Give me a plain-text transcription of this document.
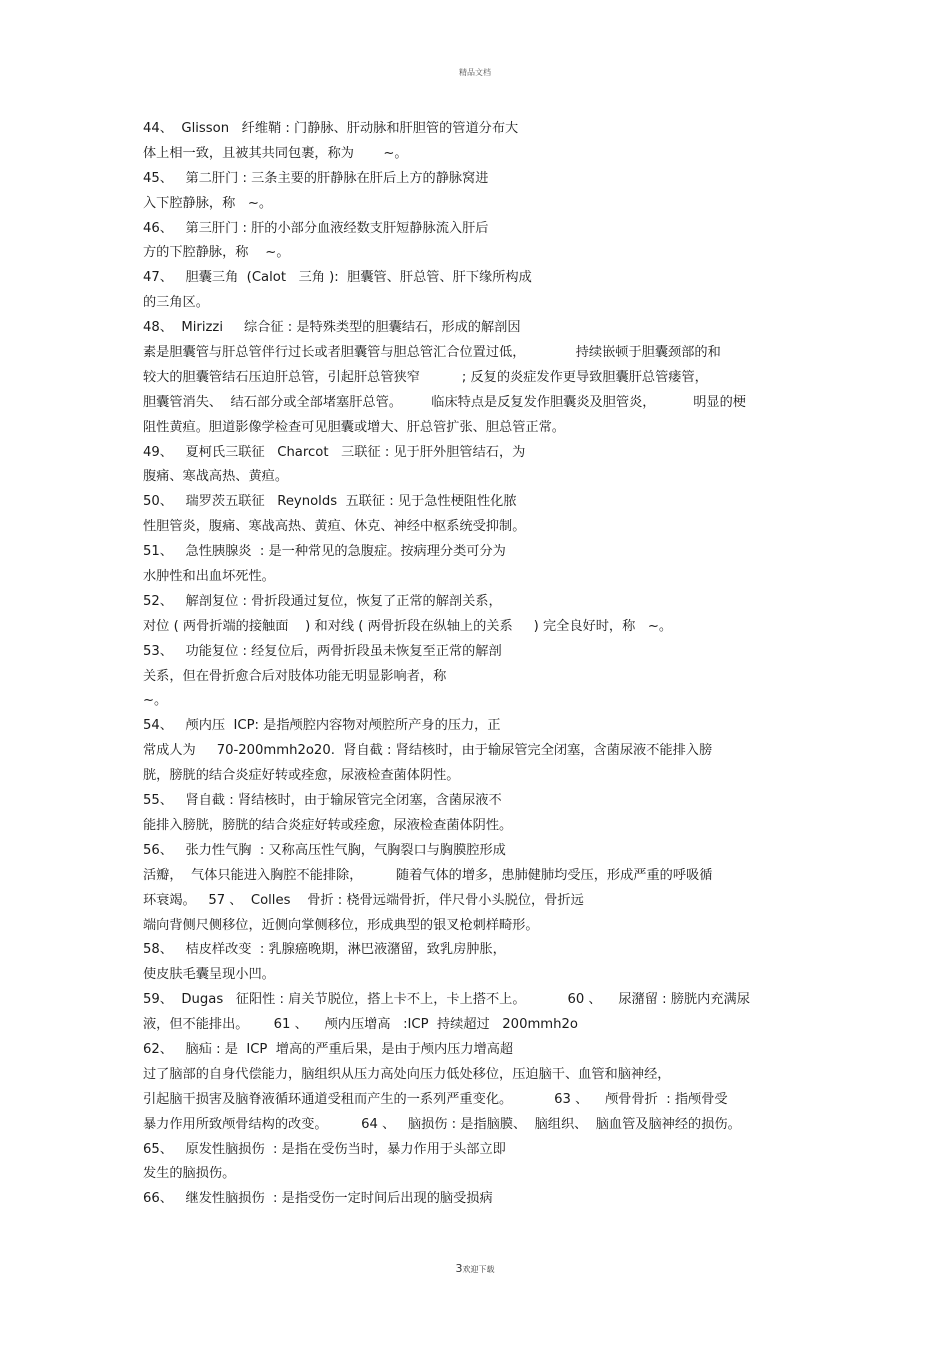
精品文档
44、  Glisson   纤维鞘 : 门静脉、肝动脉和肝胆管的管道分布大
体上相一致，且被其共同包裹，称为       ~。
45、   第二肝门 : 三条主要的肝静脉在肝后上方的静脉窝进
入下腔静脉，称   ~。
46、   第三肝门 : 肝的小部分血液经数支肝短静脉流入肝后
方的下腔静脉，称    ~。
47、   胆囊三角  (Calot   三角 ):  胆囊管、肝总管、肝下缘所构成
的三角区。
48、  Mirizzi     综合征 : 是特殊类型的胆囊结石，形成的解剖因
素是胆囊管与肝总管伴行过长或者胆囊管与胆总管汇合位置过低，            持续嵌顿于胆囊颈部的和
较大的胆囊管结石压迫肝总管，引起肝总管狭窄          ; 反复的炎症发作更导致胆囊肝总管瘘管，
胆囊管消失、  结石部分或全部堵塞肝总管。       临床特点是反复发作胆囊炎及胆管炎，         明显的梗
阻性黄疸。胆道影像学检查可见胆囊或增大、肝总管扩张、胆总管正常。
49、   夏柯氏三联征   Charcot   三联征 : 见于肝外胆管结石，为
腹痛、寒战高热、黄疸。
50、   瑞罗茨五联征   Reynolds  五联征 : 见于急性梗阻性化脓
性胆管炎，腹痛、寒战高热、黄疸、休克、神经中枢系统受抑制。
51、   急性胰腺炎  : 是一种常见的急腹症。按病理分类可分为
水肿性和出血坏死性。
52、   解剖复位 : 骨折段通过复位，恢复了正常的解剖关系，
对位 ( 两骨折端的接触面    ) 和对线 ( 两骨折段在纵轴上的关系     ) 完全良好时，称   ~。
53、   功能复位 : 经复位后，两骨折段虽未恢复至正常的解剖
关系，但在骨折愈合后对肢体功能无明显影响者，称
~。
54、   颅内压  ICP: 是指颅腔内容物对颅腔所产身的压力，正
常成人为     70-200mmh2o20.  肾自截 : 肾结核时，由于输尿管完全闭塞，含菌尿液不能排入膀
胱，膀胱的结合炎症好转或痊愈，尿液检查菌体阴性。
55、   肾自截 : 肾结核时，由于输尿管完全闭塞，含菌尿液不
能排入膀胱，膀胱的结合炎症好转或痊愈，尿液检查菌体阴性。
56、   张力性气胸  : 又称高压性气胸，气胸裂口与胸膜腔形成
活瓣，  气体只能进入胸腔不能排除，        随着气体的增多，患肺健肺均受压，形成严重的呼吸循
环衰竭。   57 、  Colles    骨折 : 桡骨远端骨折，伴尺骨小头脱位，骨折远
端向背侧尺侧移位，近侧向掌侧移位，形成典型的银叉枪刺样畸形。
58、   桔皮样改变  : 乳腺癌晚期，淋巴液潴留，致乳房肿胀，
使皮肤毛囊呈现小凹。
59、  Dugas   征阳性 : 肩关节脱位，搭上卡不上，卡上搭不上。          60 、    尿潴留 : 膀胱内充满尿
液，但不能排出。      61 、    颅内压增高   :ICP  持续超过   200mmh2o
62、   脑疝 : 是  ICP  增高的严重后果，是由于颅内压力增高超
过了脑部的自身代偿能力，脑组织从压力高处向压力低处移位，压迫脑干、血管和脑神经，
引起脑干损害及脑脊液循环通道受租而产生的一系列严重变化。          63 、    颅骨骨折  : 指颅骨受
暴力作用所致颅骨结构的改变。        64 、   脑损伤 : 是指脑膜、  脑组织、  脑血管及脑神经的损伤。
65、   原发性脑损伤  : 是指在受伤当时，暴力作用于头部立即
发生的脑损伤。
66、   继发性脑损伤  : 是指受伤一定时间后出现的脑受损病
3欢迎下载
